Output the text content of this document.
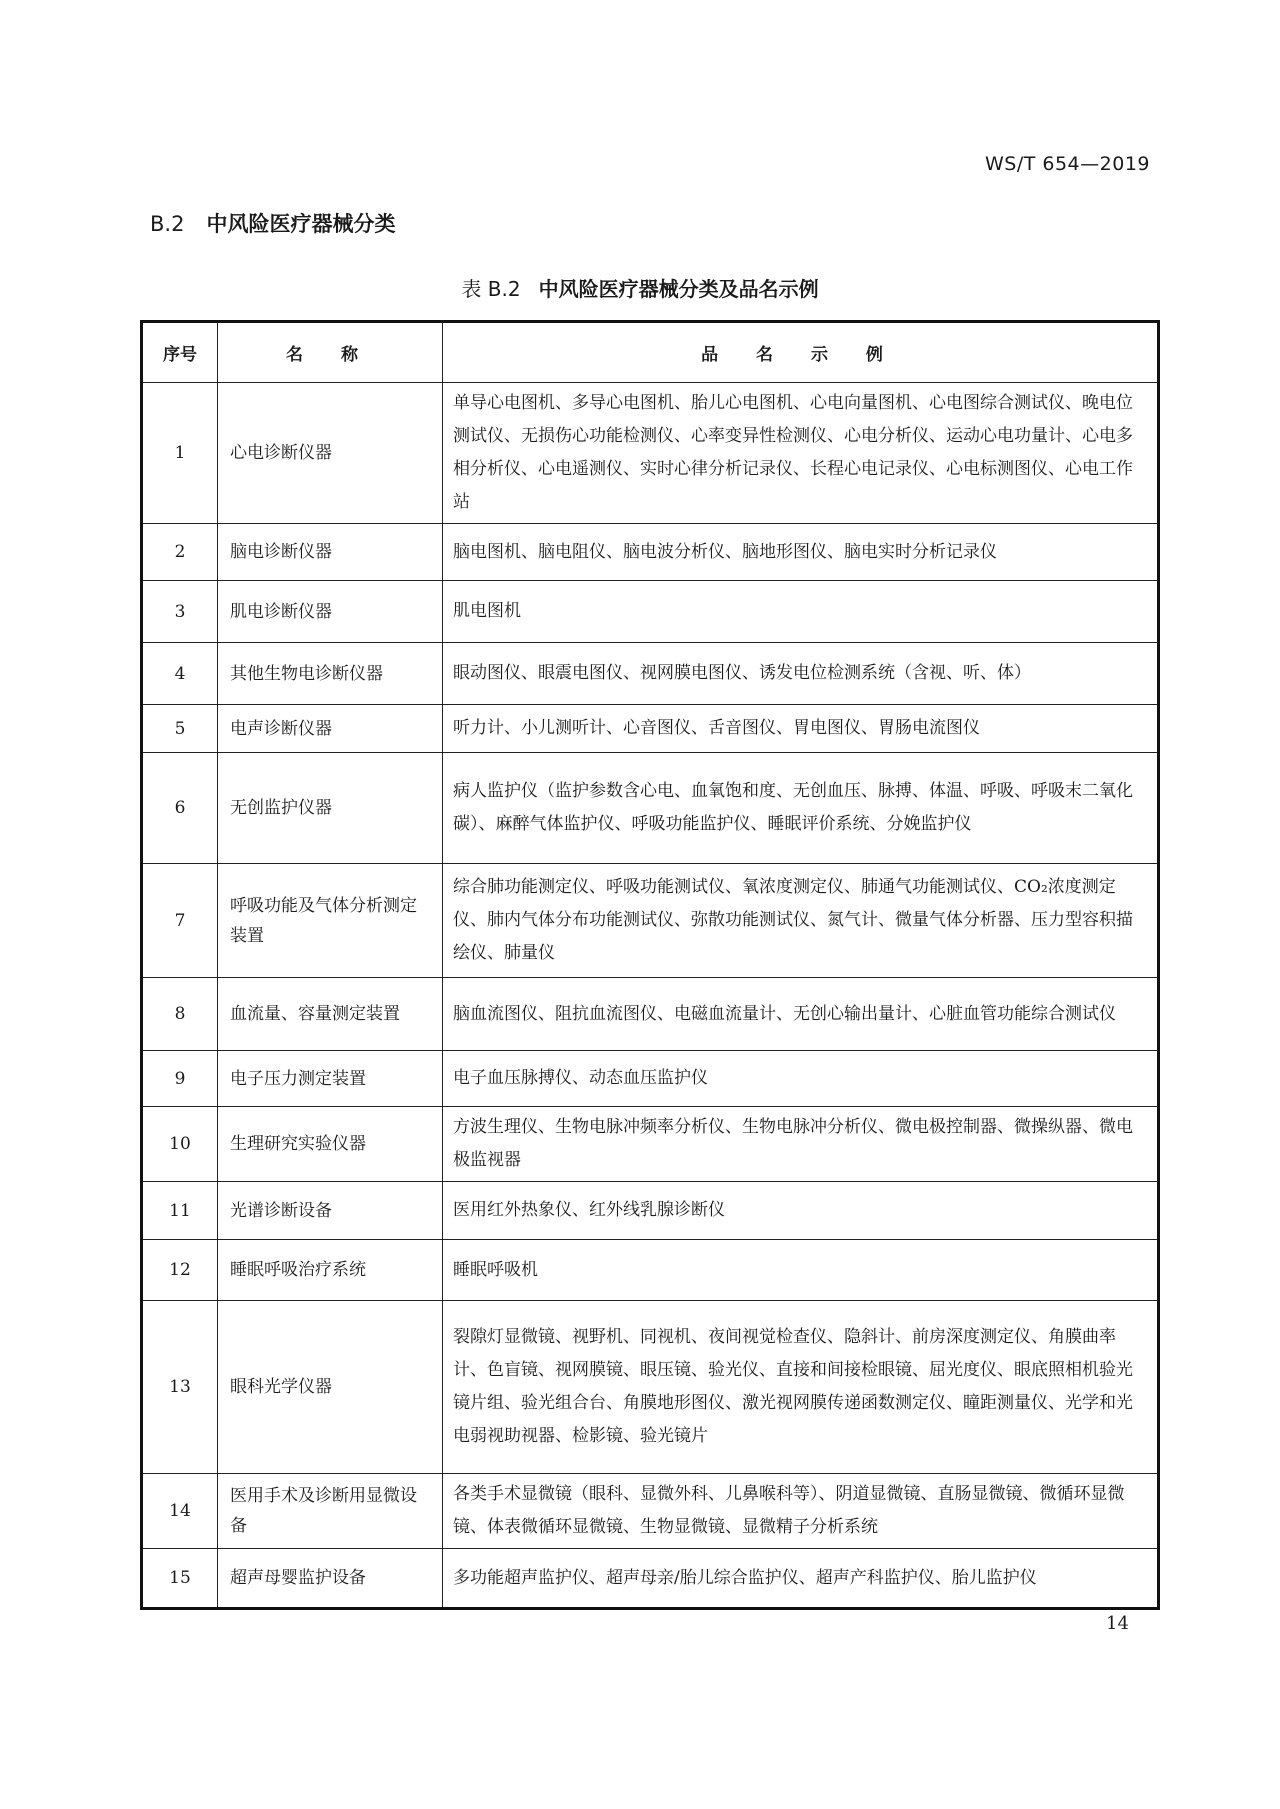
WS/T 654—2019
B.2 中风险医疗器械分类
表 B.2 中风险医疗器械分类及品名示例
序号	名 称	品 名 示 例
1	心电诊断仪器	单导心电图机、多导心电图机、胎儿心电图机、心电向量图机、心电图综合测试仪、晚电位测试仪、无损伤心功能检测仪、心率变异性检测仪、心电分析仪、运动心电功量计、心电多相分析仪、心电遥测仪、实时心律分析记录仪、长程心电记录仪、心电标测图仪、心电工作站
2	脑电诊断仪器	脑电图机、脑电阻仪、脑电波分析仪、脑地形图仪、脑电实时分析记录仪
3	肌电诊断仪器	肌电图机
4	其他生物电诊断仪器	眼动图仪、眼震电图仪、视网膜电图仪、诱发电位检测系统（含视、听、体）
5	电声诊断仪器	听力计、小儿测听计、心音图仪、舌音图仪、胃电图仪、胃肠电流图仪
6	无创监护仪器	病人监护仪（监护参数含心电、血氧饱和度、无创血压、脉搏、体温、呼吸、呼吸末二氧化碳）、麻醉气体监护仪、呼吸功能监护仪、睡眠评价系统、分娩监护仪
7	呼吸功能及气体分析测定装置	综合肺功能测定仪、呼吸功能测试仪、氧浓度测定仪、肺通气功能测试仪、CO₂浓度测定仪、肺内气体分布功能测试仪、弥散功能测试仪、氮气计、微量气体分析器、压力型容积描绘仪、肺量仪
8	血流量、容量测定装置	脑血流图仪、阻抗血流图仪、电磁血流量计、无创心输出量计、心脏血管功能综合测试仪
9	电子压力测定装置	电子血压脉搏仪、动态血压监护仪
10	生理研究实验仪器	方波生理仪、生物电脉冲频率分析仪、生物电脉冲分析仪、微电极控制器、微操纵器、微电极监视器
11	光谱诊断设备	医用红外热象仪、红外线乳腺诊断仪
12	睡眠呼吸治疗系统	睡眠呼吸机
13	眼科光学仪器	裂隙灯显微镜、视野机、同视机、夜间视觉检查仪、隐斜计、前房深度测定仪、角膜曲率计、色盲镜、视网膜镜、眼压镜、验光仪、直接和间接检眼镜、屈光度仪、眼底照相机验光镜片组、验光组合台、角膜地形图仪、激光视网膜传递函数测定仪、瞳距测量仪、光学和光电弱视助视器、检影镜、验光镜片
14	医用手术及诊断用显微设备	各类手术显微镜（眼科、显微外科、儿鼻喉科等）、阴道显微镜、直肠显微镜、微循环显微镜、体表微循环显微镜、生物显微镜、显微精子分析系统
15	超声母婴监护设备	多功能超声监护仪、超声母亲/胎儿综合监护仪、超声产科监护仪、胎儿监护仪
14
